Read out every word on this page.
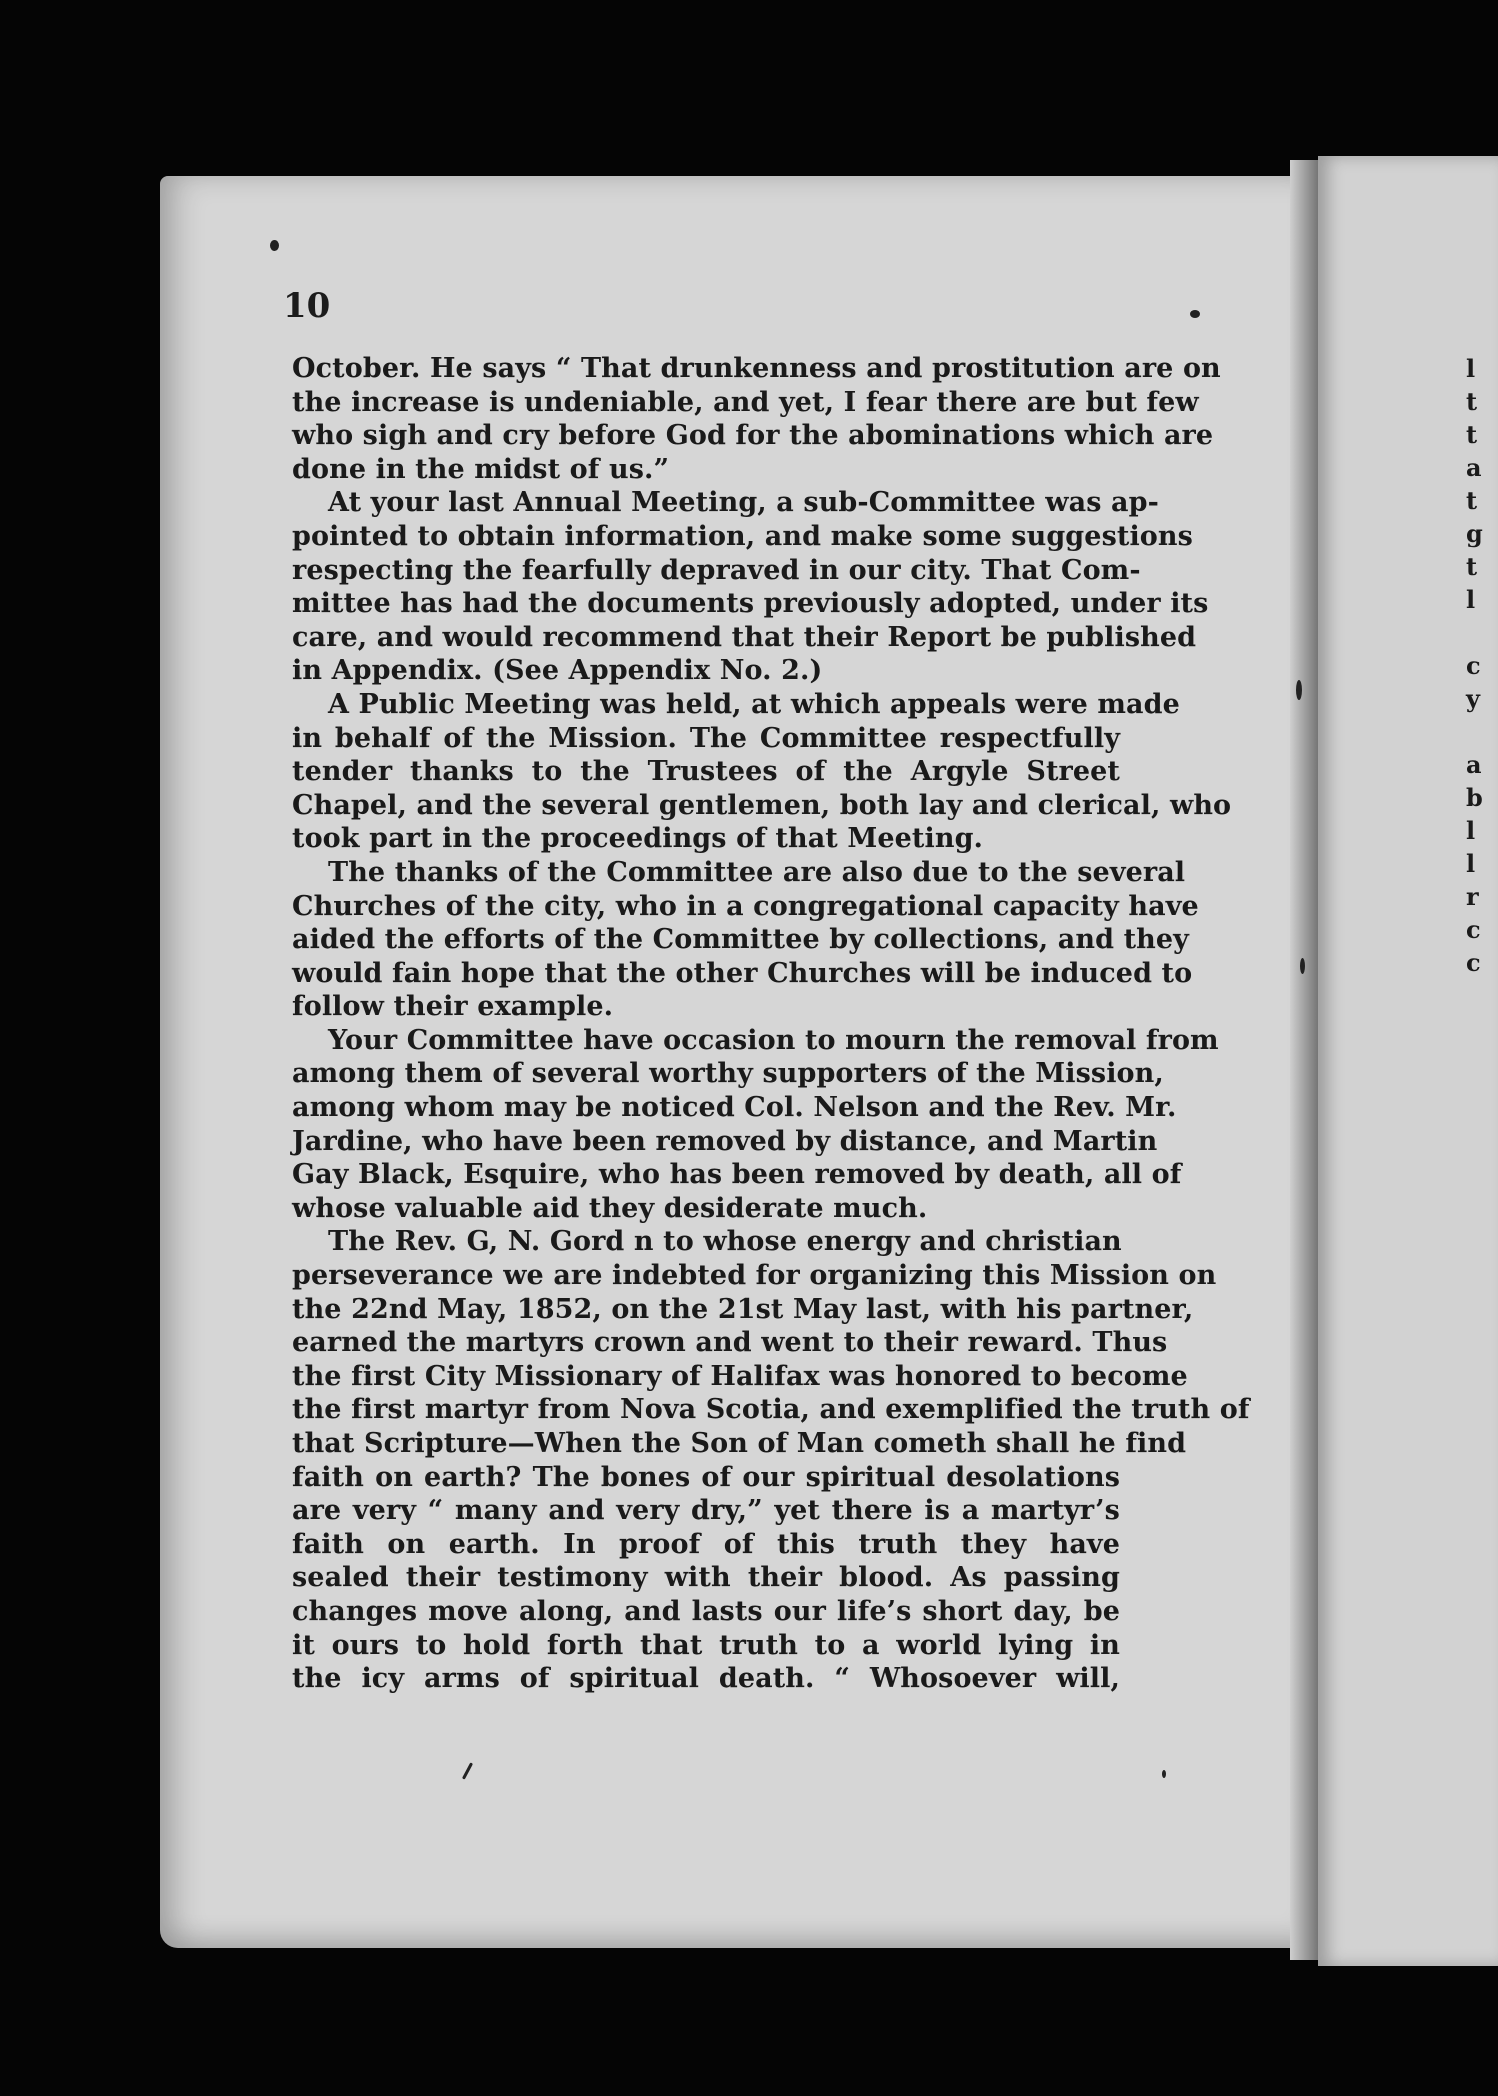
10
October. He says “ That drunkenness and prostitution are on
the increase is undeniable, and yet, I fear there are but few
who sigh and cry before God for the abominations which are
done in the midst of us.”
At your last Annual Meeting, a sub-Committee was ap-
pointed to obtain information, and make some suggestions
respecting the fearfully depraved in our city. That Com-
mittee has had the documents previously adopted, under its
care, and would recommend that their Report be published
in Appendix. (See Appendix No. 2.)
A Public Meeting was held, at which appeals were made
in behalf of the Mission. The Committee respectfully
tender thanks to the Trustees of the Argyle Street
Chapel, and the several gentlemen, both lay and clerical, who
took part in the proceedings of that Meeting.
The thanks of the Committee are also due to the several
Churches of the city, who in a congregational capacity have
aided the efforts of the Committee by collections, and they
would fain hope that the other Churches will be induced to
follow their example.
Your Committee have occasion to mourn the removal from
among them of several worthy supporters of the Mission,
among whom may be noticed Col. Nelson and the Rev. Mr.
Jardine, who have been removed by distance, and Martin
Gay Black, Esquire, who has been removed by death, all of
whose valuable aid they desiderate much.
The Rev. G, N. Gord n to whose energy and christian
perseverance we are indebted for organizing this Mission on
the 22nd May, 1852, on the 21st May last, with his partner,
earned the martyrs crown and went to their reward. Thus
the first City Missionary of Halifax was honored to become
the first martyr from Nova Scotia, and exemplified the truth of
that Scripture—When the Son of Man cometh shall he find
faith on earth? The bones of our spiritual desolations
are very “ many and very dry,” yet there is a martyr’s
faith on earth. In proof of this truth they have
sealed their testimony with their blood. As passing
changes move along, and lasts our life’s short day, be
it ours to hold forth that truth to a world lying in
the icy arms of spiritual death. “ Whosoever will,
l
t
t
a
t
g
t
l
c
y
a
b
l
l
r
c
c
